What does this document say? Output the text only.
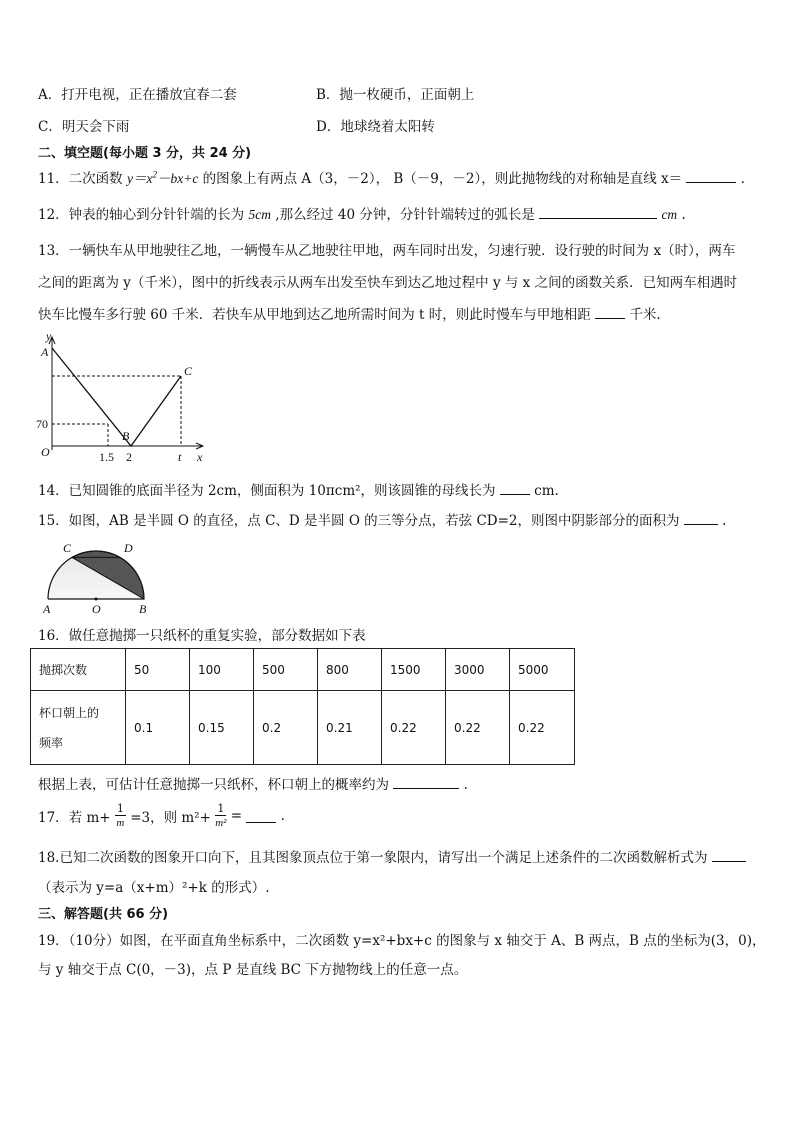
A．打开电视，正在播放宜春二套	B．抛一枚硬币，正面朝上
C．明天会下雨	D．地球绕着太阳转
二、填空题(每小题 3 分，共 24 分)
11．二次函数 $y=x^2-bx+c$ 的图象上有两点 A（3，－2）， B（－9，－2），则此抛物线的对称轴是直线 x＝	．
12．钟表的轴心到分针针端的长为 5cm ,那么经过 40 分钟，分针针端转过的弧长是	cm .
13．一辆快车从甲地驶往乙地，一辆慢车从乙地驶往甲地，两车同时出发，匀速行驶．设行驶的时间为 x（时），两车
之间的距离为 y（千米），图中的折线表示从两车出发至快车到达乙地过程中 y 与 x 之间的函数关系．已知两车相遇时
快车比慢车多行驶 60 千米．若快车从甲地到达乙地所需时间为 t 时，则此时慢车与甲地相距	千米.
y
A
C
B
O	t x
70
1.5 2
14．已知圆锥的底面半径为 2cm，侧面积为 10πcm²，则该圆锥的母线长为	cm.
15．如图，AB 是半圆 O 的直径，点 C、D 是半圆 O 的三等分点，若弦 CD=2，则图中阴影部分的面积为	.
C	D
A	O	B
16．做任意抛掷一只纸杯的重复实验，部分数据如下表
抛掷次数	50	100	500	800	1500	3000	5000

杯口朝上的
频率	0.1	0.15	0.2	0.21	0.22	0.22	0.22
根据上表，可估计任意抛掷一只纸杯，杯口朝上的概率约为	.
17．若 $m+ \frac{1}{m} =3$，则 $m^2+ \frac{1}{\text{m²}}$ =	.
18.已知二次函数的图象开口向下，且其图象顶点位于第一象限内，请写出一个满足上述条件的二次函数解析式为
（表示为 y=a（x+m）²+k 的形式）.
三、解答题(共 66 分)
19．（10分）如图，在平面直角坐标系中，二次函数 y=x²+bx+c 的图象与 x 轴交于 A、B 两点，B 点的坐标为(3，0)，
与 y 轴交于点 C(0，－3)，点 P 是直线 BC 下方抛物线上的任意一点。
